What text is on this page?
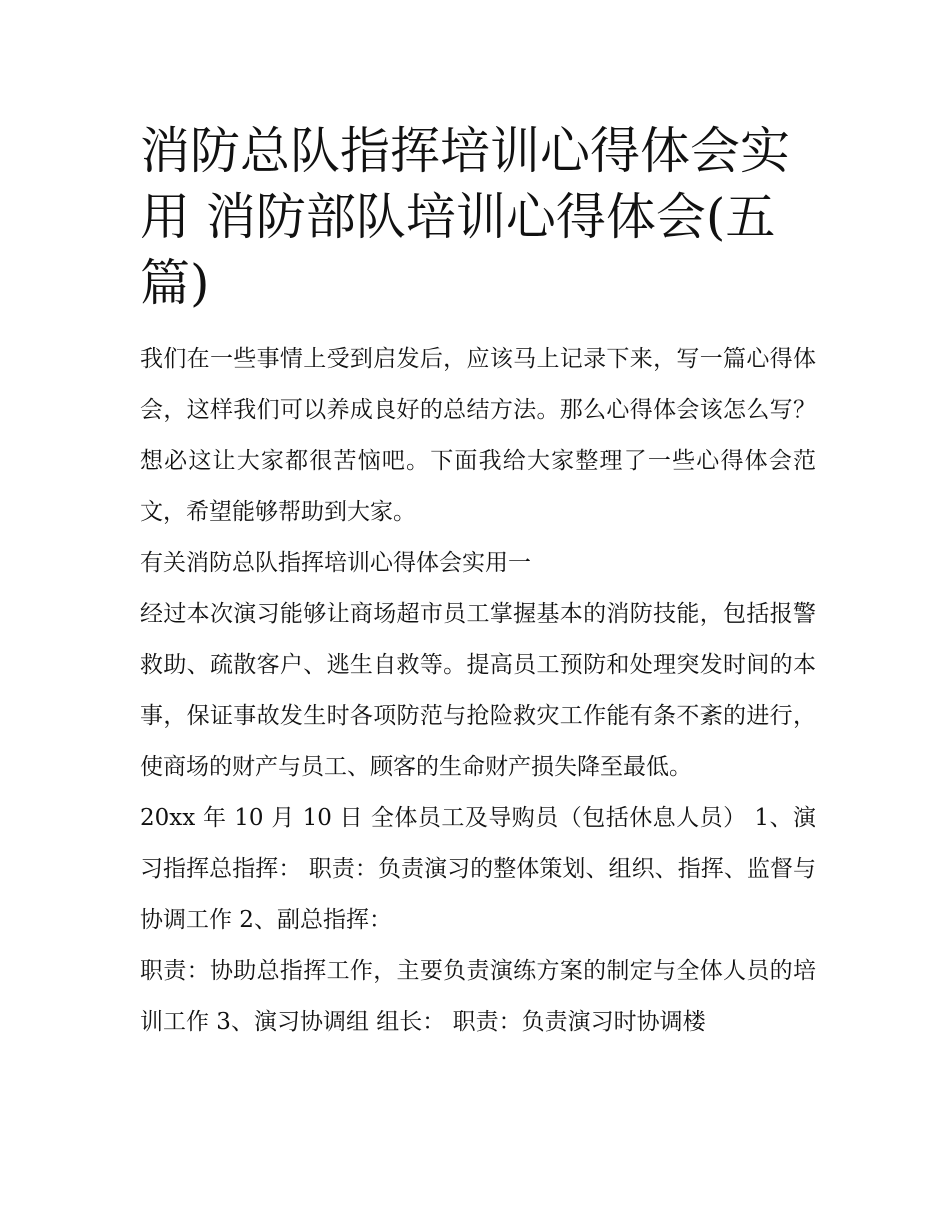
消防总队指挥培训心得体会实用 消防部队培训心得体会(五篇)

我们在一些事情上受到启发后，应该马上记录下来，写一篇心得体会，这样我们可以养成良好的总结方法。那么心得体会该怎么写？想必这让大家都很苦恼吧。下面我给大家整理了一些心得体会范文，希望能够帮助到大家。

有关消防总队指挥培训心得体会实用一

经过本次演习能够让商场超市员工掌握基本的消防技能，包括报警救助、疏散客户、逃生自救等。提高员工预防和处理突发时间的本事，保证事故发生时各项防范与抢险救灾工作能有条不紊的进行，使商场的财产与员工、顾客的生命财产损失降至最低。

20xx 年 10 月 10 日 全体员工及导购员（包括休息人员） 1、演习指挥总指挥： 职责：负责演习的整体策划、组织、指挥、监督与协调工作 2、副总指挥：

职责：协助总指挥工作，主要负责演练方案的制定与全体人员的培训工作 3、演习协调组 组长： 职责：负责演习时协调楼
